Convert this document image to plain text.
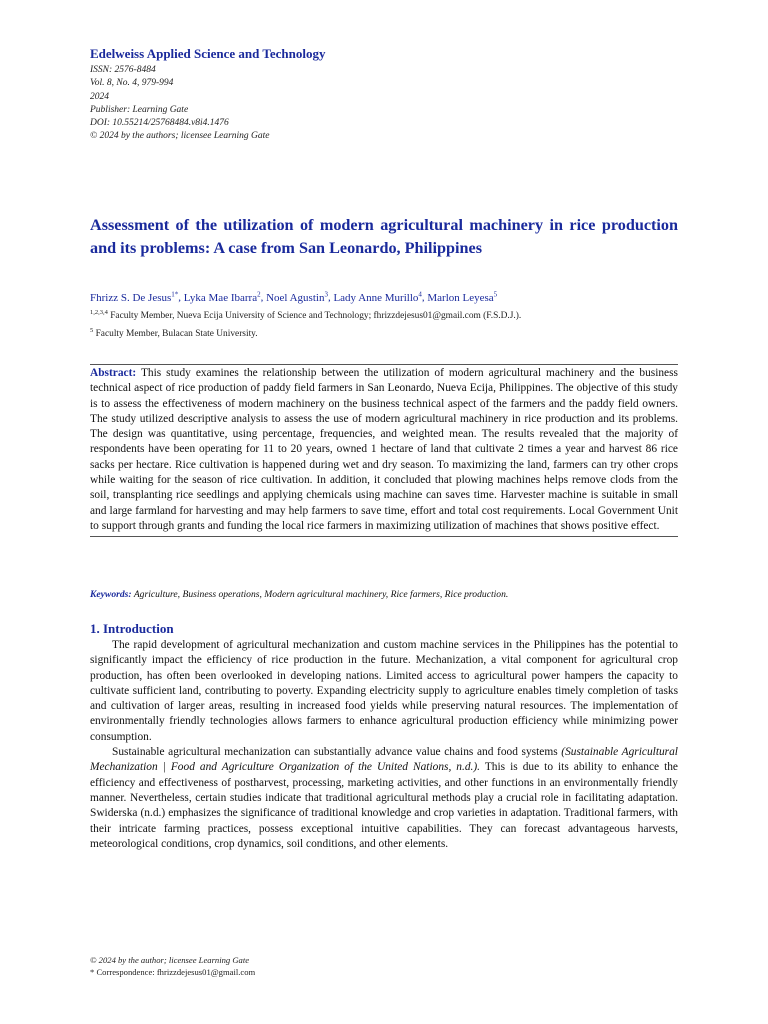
Edelweiss Applied Science and Technology
ISSN: 2576-8484
Vol. 8, No. 4, 979-994
2024
Publisher: Learning Gate
DOI: 10.55214/25768484.v8i4.1476
© 2024 by the authors; licensee Learning Gate
Assessment of the utilization of modern agricultural machinery in rice production and its problems: A case from San Leonardo, Philippines
Fhrizz S. De Jesus$^{1*}$, Lyka Mae Ibarra$^2$, Noel Agustin$^3$, Lady Anne Murillo$^4$, Marlon Leyesa$^5$
$^{1,2,3,4}$ Faculty Member, Nueva Ecija University of Science and Technology; fhrizzdejesus01@gmail.com (F.S.D.J.).
$^5$ Faculty Member, Bulacan State University.
Abstract: This study examines the relationship between the utilization of modern agricultural machinery and the business technical aspect of rice production of paddy field farmers in San Leonardo, Nueva Ecija, Philippines. The objective of this study is to assess the effectiveness of modern machinery on the business technical aspect of the farmers and the paddy field owners. The study utilized descriptive analysis to assess the use of modern agricultural machinery in rice production and its problems. The design was quantitative, using percentage, frequencies, and weighted mean. The results revealed that the majority of respondents have been operating for 11 to 20 years, owned 1 hectare of land that cultivate 2 times a year and harvest 86 rice sacks per hectare. Rice cultivation is happened during wet and dry season. To maximizing the land, farmers can try other crops while waiting for the season of rice cultivation. In addition, it concluded that plowing machines helps remove clods from the soil, transplanting rice seedlings and applying chemicals using machine can saves time. Harvester machine is suitable in small and large farmland for harvesting and may help farmers to save time, effort and total cost requirements. Local Government Unit to support through grants and funding the local rice farmers in maximizing utilization of machines that shows positive effect.
Keywords: Agriculture, Business operations, Modern agricultural machinery, Rice farmers, Rice production.
1. Introduction

The rapid development of agricultural mechanization and custom machine services in the Philippines has the potential to significantly impact the efficiency of rice production in the future. Mechanization, a vital component for agricultural crop production, has often been overlooked in developing nations. Limited access to agricultural power hampers the capacity to cultivate sufficient land, contributing to poverty. Expanding electricity supply to agriculture enables timely completion of tasks and cultivation of larger areas, resulting in increased food yields while preserving natural resources. The implementation of environmentally friendly technologies allows farmers to enhance agricultural production efficiency while minimizing power consumption.

Sustainable agricultural mechanization can substantially advance value chains and food systems (Sustainable Agricultural Mechanization | Food and Agriculture Organization of the United Nations, n.d.). This is due to its ability to enhance the efficiency and effectiveness of postharvest, processing, marketing activities, and other functions in an environmentally friendly manner. Nevertheless, certain studies indicate that traditional agricultural methods play a crucial role in facilitating adaptation. Swiderska (n.d.) emphasizes the significance of traditional knowledge and crop varieties in adaptation. Traditional farmers, with their intricate farming practices, possess exceptional intuitive capabilities. They can forecast advantageous harvests, meteorological conditions, crop dynamics, soil conditions, and other elements.

© 2024 by the author; licensee Learning Gate
* Correspondence: fhrizzdejesus01@gmail.com
